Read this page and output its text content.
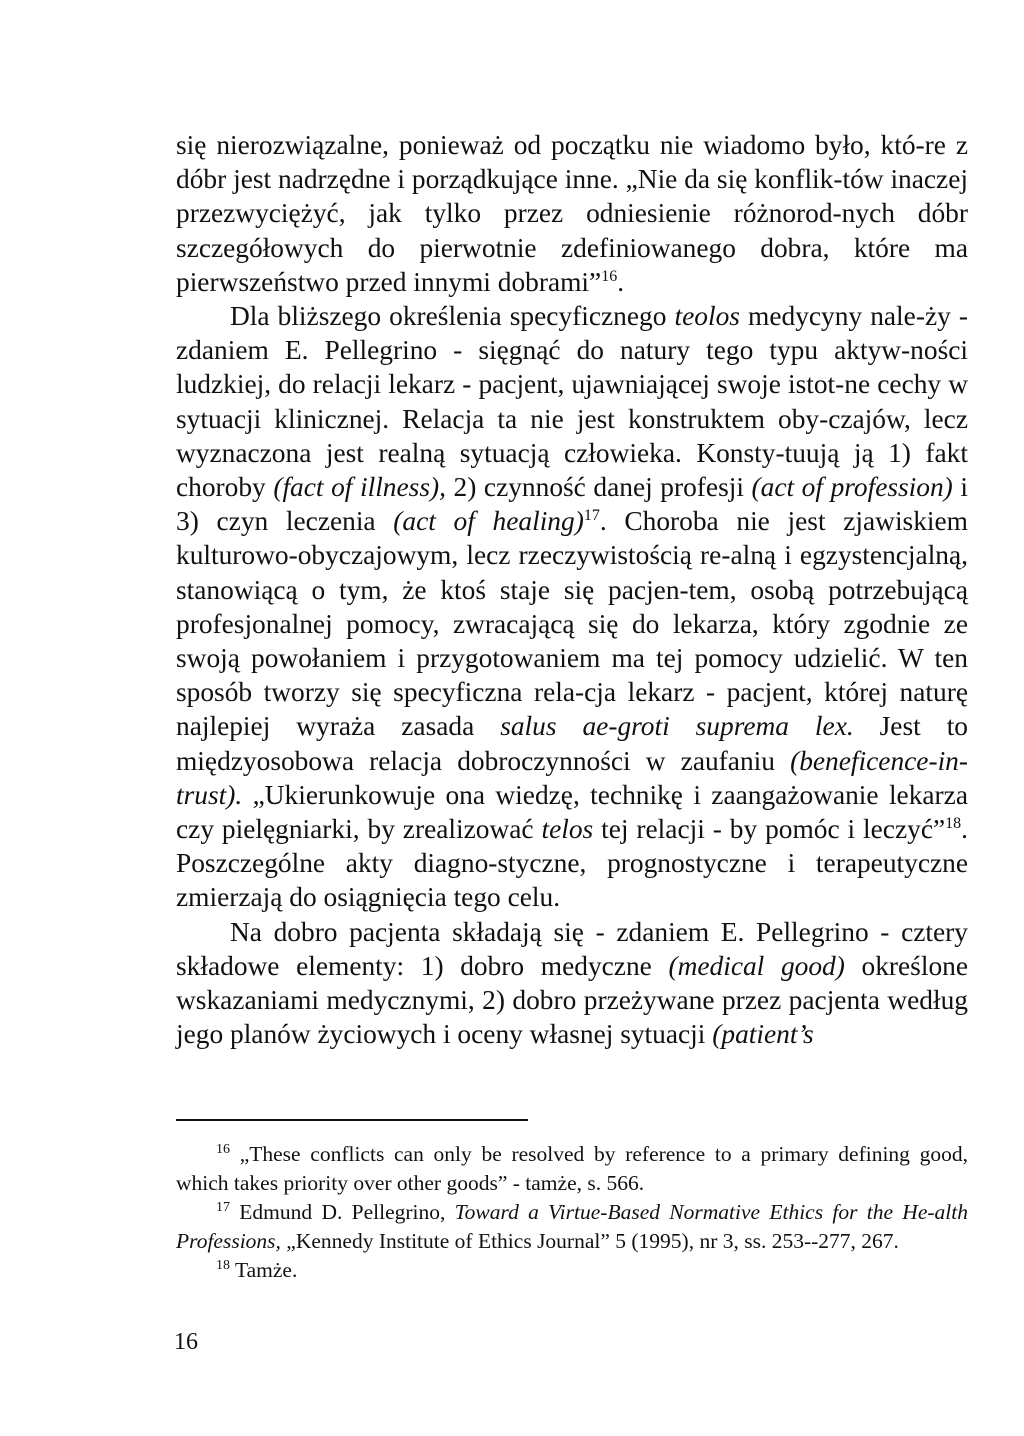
się nierozwiązalne, ponieważ od początku nie wiadomo było, któ-re z dóbr jest nadrzędne i porządkujące inne. „Nie da się konflik-tów inaczej przezwyciężyć, jak tylko przez odniesienie różnorod-nych dóbr szczegółowych do pierwotnie zdefiniowanego dobra, które ma pierwszeństwo przed innymi dobrami”$^{16}$.

Dla bliższego określenia specyficznego teolos medycyny nale-ży - zdaniem E. Pellegrino - sięgnąć do natury tego typu aktyw-ności ludzkiej, do relacji lekarz - pacjent, ujawniającej swoje istot-ne cechy w sytuacji klinicznej. Relacja ta nie jest konstruktem oby-czajów, lecz wyznaczona jest realną sytuacją człowieka. Konsty-tuują ją 1) fakt choroby (fact of illness), 2) czynność danej profesji (act of profession) i 3) czyn leczenia (act of healing)$^{17}$. Choroba nie jest zjawiskiem kulturowo-obyczajowym, lecz rzeczywistością re-alną i egzystencjalną, stanowiącą o tym, że ktoś staje się pacjen-tem, osobą potrzebującą profesjonalnej pomocy, zwracającą się do lekarza, który zgodnie ze swoją powołaniem i przygotowaniem ma tej pomocy udzielić. W ten sposób tworzy się specyficzna rela-cja lekarz - pacjent, której naturę najlepiej wyraża zasada salus ae-groti suprema lex. Jest to międzyosobowa relacja dobroczynności w zaufaniu (beneficence-in-trust). „Ukierunkowuje ona wiedzę, technikę i zaangażowanie lekarza czy pielęgniarki, by zrealizować telos tej relacji - by pomóc i leczyć”$^{18}$. Poszczególne akty diagno-styczne, prognostyczne i terapeutyczne zmierzają do osiągnięcia tego celu.

Na dobro pacjenta składają się - zdaniem E. Pellegrino - cztery składowe elementy: 1) dobro medyczne (medical good) określone wskazaniami medycznymi, 2) dobro przeżywane przez pacjenta według jego planów życiowych i oceny własnej sytuacji (patient’s

$^{16}$ „These conflicts can only be resolved by reference to a primary defining good, which takes priority over other goods” - tamże, s. 566.

$^{17}$ Edmund D. Pellegrino, Toward a Virtue-Based Normative Ethics for the He-alth Professions, „Kennedy Institute of Ethics Journal” 5 (1995), nr 3, ss. 253--277, 267.

$^{18}$ Tamże.

16
